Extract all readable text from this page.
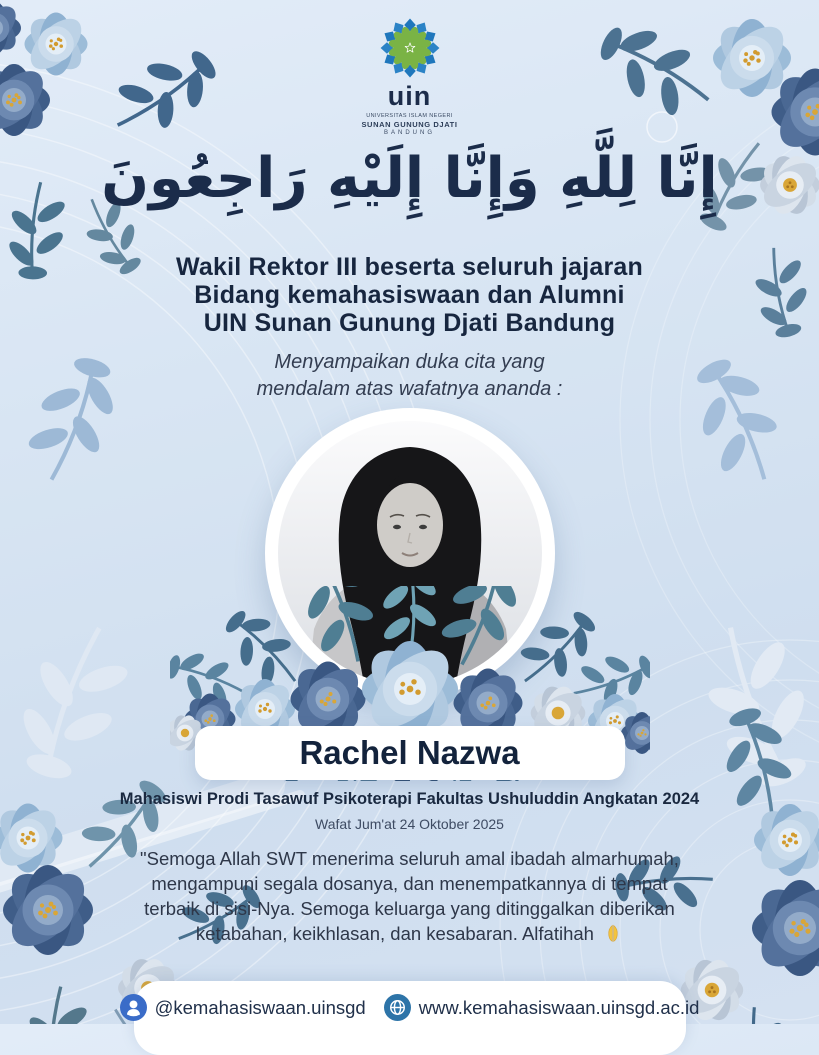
uin
UNIVERSITAS ISLAM NEGERI
SUNAN GUNUNG DJATI
BANDUNG
إِنَّا لِلَّهِ وَإِنَّا إِلَيْهِ رَاجِعُونَ
Wakil Rektor III beserta seluruh jajaran
Bidang kemahasiswaan dan Alumni
UIN Sunan Gunung Djati Bandung
Menyampaikan duka cita yang
mendalam atas wafatnya ananda :
Rachel Nazwa
Mahasiswi Prodi Tasawuf Psikoterapi Fakultas Ushuluddin Angkatan 2024
Wafat Jum'at 24 Oktober 2025
"Semoga Allah SWT menerima seluruh amal ibadah almarhumah, mengampuni segala dosanya, dan menempatkannya di tempat terbaik di sisi-Nya. Semoga keluarga yang ditinggalkan diberikan ketabahan, keikhlasan, dan kesabaran. Alfatihah
@kemahasiswaan.uinsgd	www.kemahasiswaan.uinsgd.ac.id
